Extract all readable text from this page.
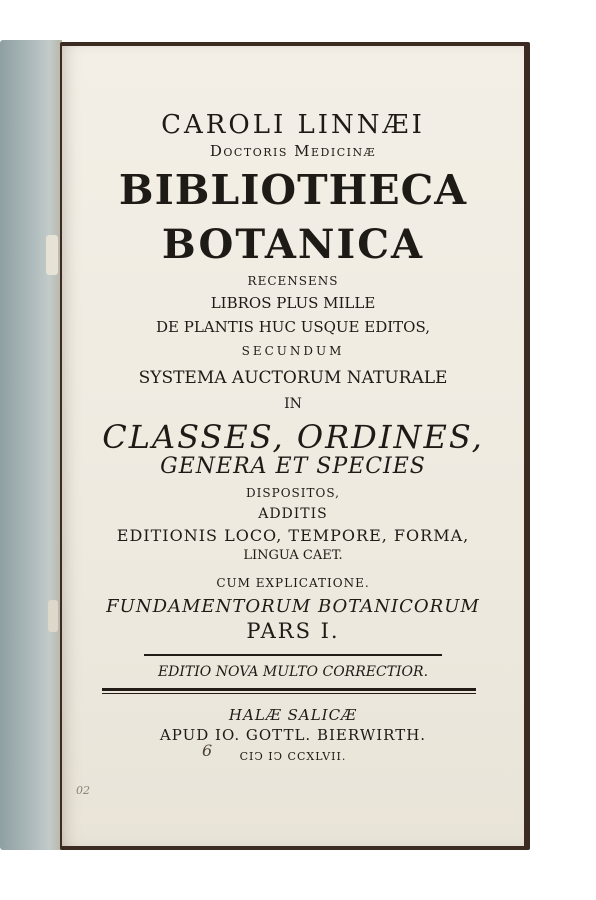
CAROLI LINNÆI
Doctoris Medicinæ
BIBLIOTHECA
BOTANICA
RECENSENS
LIBROS PLUS MILLE
DE PLANTIS HUC USQUE EDITOS,
SECUNDUM
SYSTEMA AUCTORUM NATURALE
IN
CLASSES, ORDINES,
GENERA ET SPECIES
DISPOSITOS,
ADDITIS
EDITIONIS LOCO, TEMPORE, FORMA,
LINGUA CAET.
CUM EXPLICATIONE.
FUNDAMENTORUM BOTANICORUM
PARS I.
EDITIO NOVA MULTO CORRECTIOR.
HALÆ SALICÆ
APUD IO. GOTTL. BIERWIRTH.
CIↃ IↃ CCXLVII.
6
02
